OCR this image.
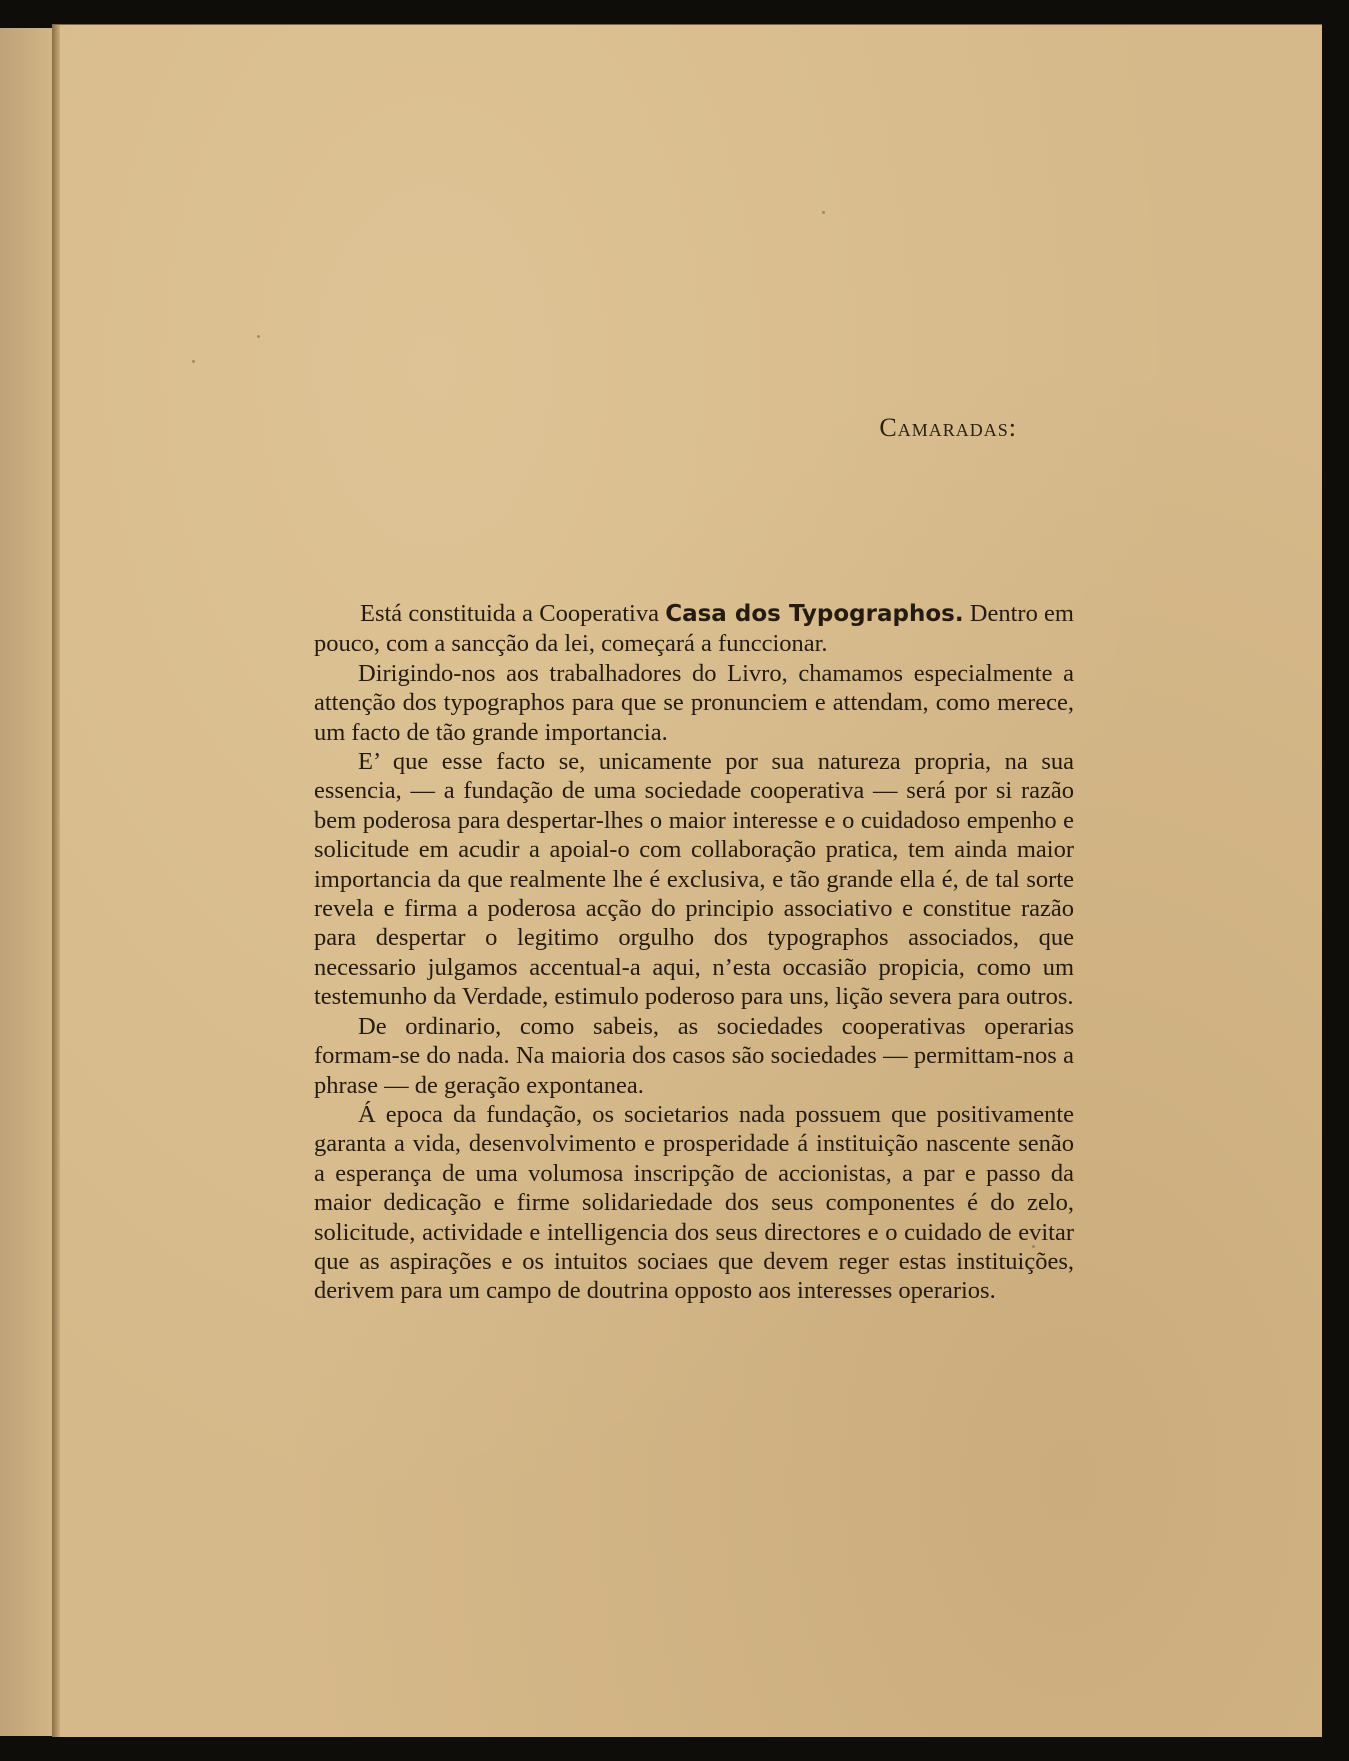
Camaradas:

Está constituida a Cooperativa Casa dos Typographos. Dentro em pouco, com a sancção da lei, começará a funccionar.

Dirigindo-nos aos trabalhadores do Livro, chamamos especialmente a attenção dos typographos para que se pronunciem e attendam, como merece, um facto de tão grande importancia.

E’ que esse facto se, unicamente por sua natureza propria, na sua essencia, — a fundação de uma sociedade cooperativa — será por si razão bem poderosa para despertar-lhes o maior interesse e o cuidadoso empenho e solicitude em acudir a apoial-o com collaboração pratica, tem ainda maior importancia da que realmente lhe é exclusiva, e tão grande ella é, de tal sorte revela e firma a poderosa acção do principio associativo e constitue razão para despertar o legitimo orgulho dos typographos associados, que necessario julgamos accentual-a aqui, n’esta occasião propicia, como um testemunho da Verdade, estimulo poderoso para uns, lição severa para outros.

De ordinario, como sabeis, as sociedades cooperativas operarias formam-se do nada. Na maioria dos casos são sociedades — permittam-nos a phrase — de geração expontanea.

Á epoca da fundação, os societarios nada possuem que positivamente garanta a vida, desenvolvimento e prosperidade á instituição nascente senão a esperança de uma volumosa inscripção de accionistas, a par e passo da maior dedicação e firme solidariedade dos seus componentes é do zelo, solicitude, actividade e intelligencia dos seus directores e o cuidado de evitar que as aspirações e os intuitos sociaes que devem reger estas instituições, derivem para um campo de doutrina opposto aos interesses operarios.
